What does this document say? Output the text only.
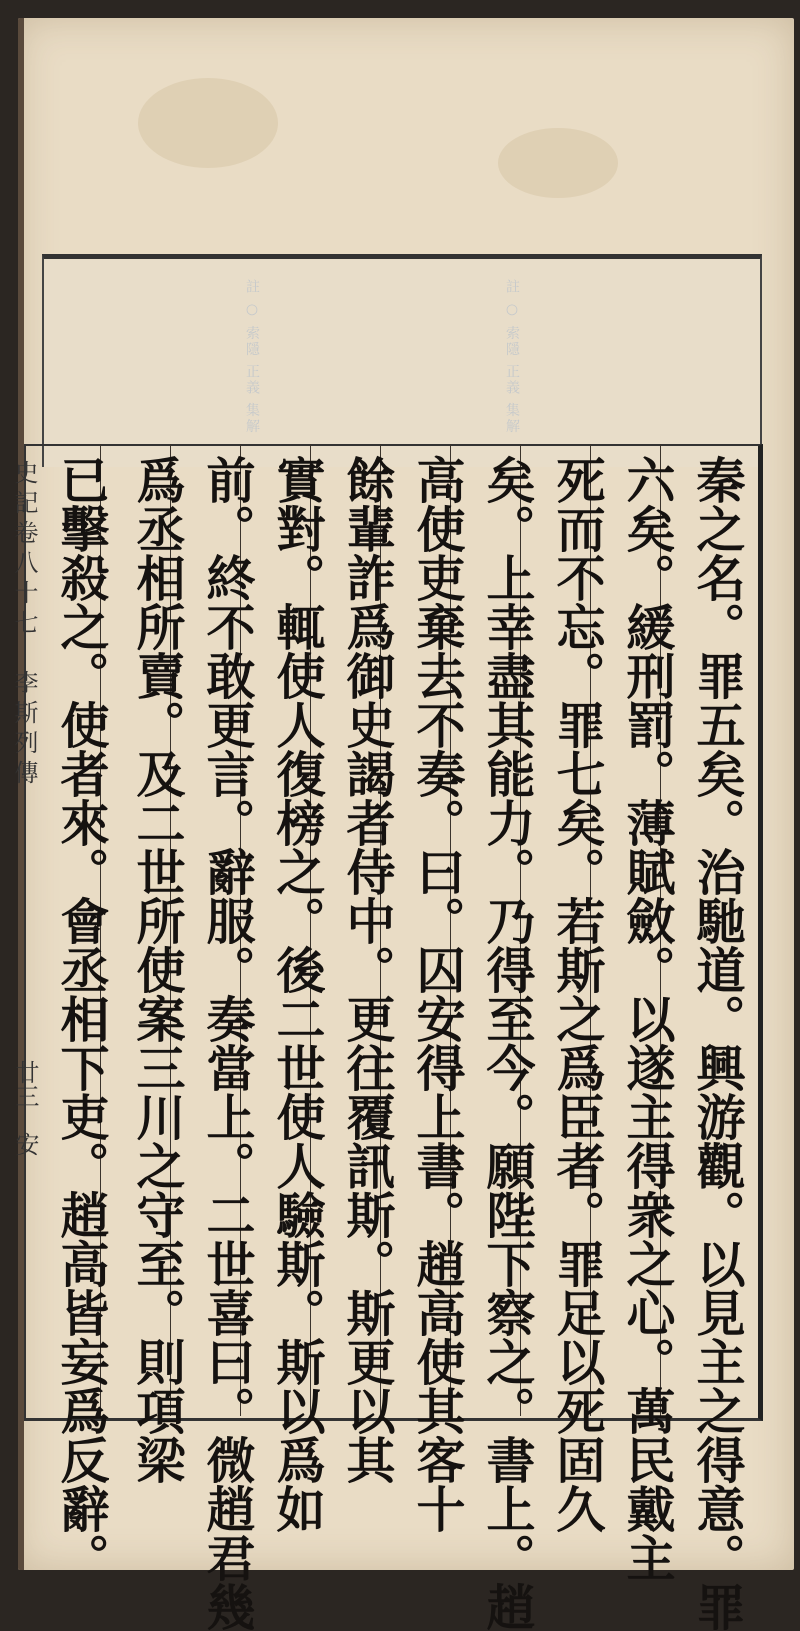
註 ○ 索隱 正義 集解	註 ○ 索隱 正義 集解
秦之名。罪五矣。治馳道。興游觀。以見主之得意。罪
六矣。緩刑罰。薄賦斂。以遂主得衆之心。萬民戴主
死而不忘。罪七矣。若斯之爲臣者。罪足以死固久
矣。上幸盡其能力。乃得至今。願陛下察之。書上。趙
高使吏棄去不奏。曰。囚安得上書。趙高使其客十
餘輩詐爲御史謁者侍中。更往覆訊斯。斯更以其
實對。輒使人復榜之。後二世使人驗斯。斯以爲如
前。終不敢更言。辭服。奏當上。二世喜曰。微趙君幾
爲丞相所賣。及二世所使案三川之守至。則項梁
已擊殺之。使者來。會丞相下吏。趙高皆妄爲反辭。
史記卷八十七　李斯列傳
廿三　安
